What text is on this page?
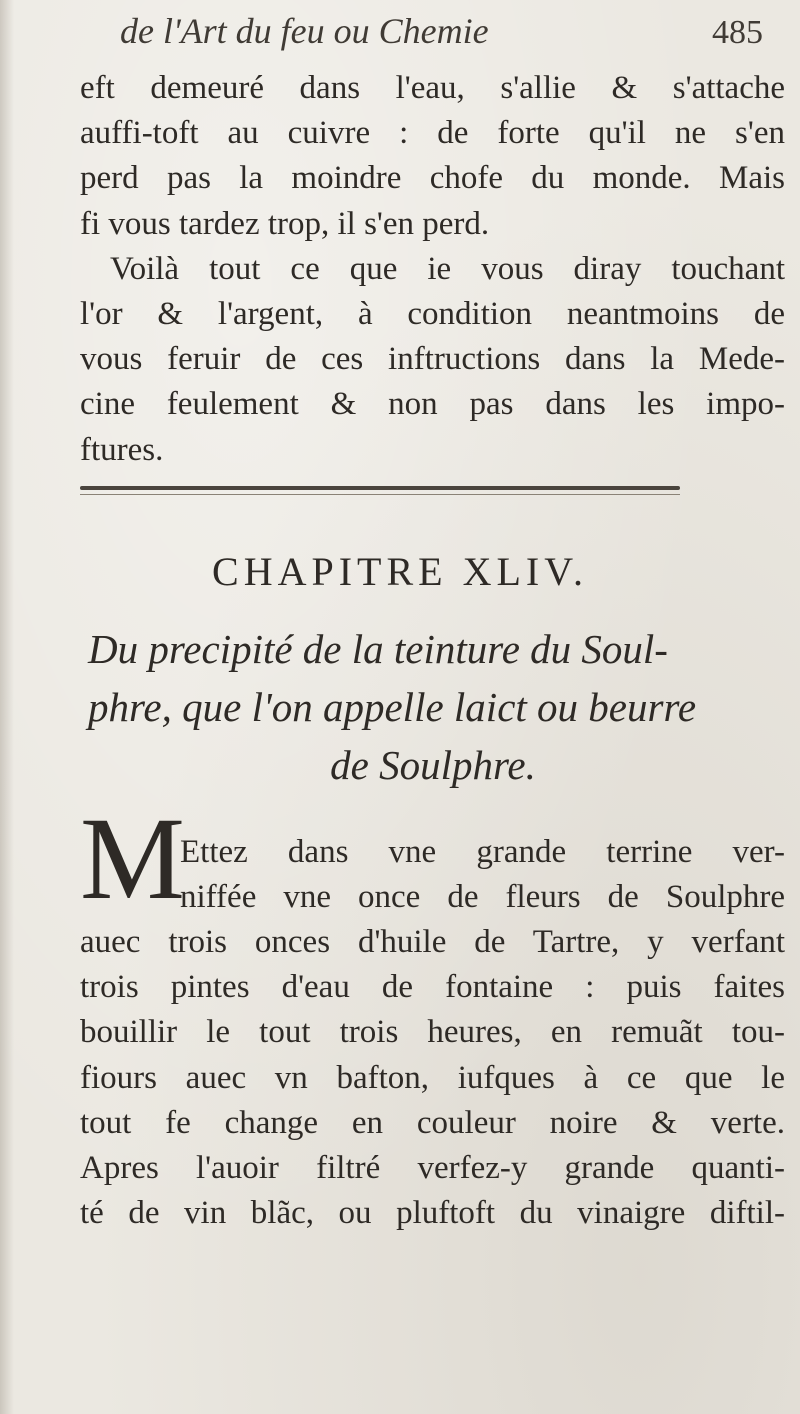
de l'Art du feu ou Chemie	485
eft demeuré dans l'eau, s'allie & s'attache
auffi-toft au cuivre : de forte qu'il ne s'en
perd pas la moindre chofe du monde. Mais
fi vous tardez trop, il s'en perd.
Voilà tout ce que ie vous diray touchant
l'or & l'argent, à condition neantmoins de
vous feruir de ces inftructions dans la Mede-
cine feulement & non pas dans les impo-
ftures.
CHAPITRE XLIV.
Du precipité de la teinture du Soul-
phre, que l'on appelle laict ou beurre
de Soulphre.
M
Ettez dans vne grande terrine ver-
niffée vne once de fleurs de Soulphre
auec trois onces d'huile de Tartre, y verfant
trois pintes d'eau de fontaine : puis faites
bouillir le tout trois heures, en remuãt tou-
fiours auec vn bafton, iufques à ce que le
tout fe change en couleur noire & verte.
Apres l'auoir filtré verfez-y grande quanti-
té de vin blãc, ou pluftoft du vinaigre diftil-
